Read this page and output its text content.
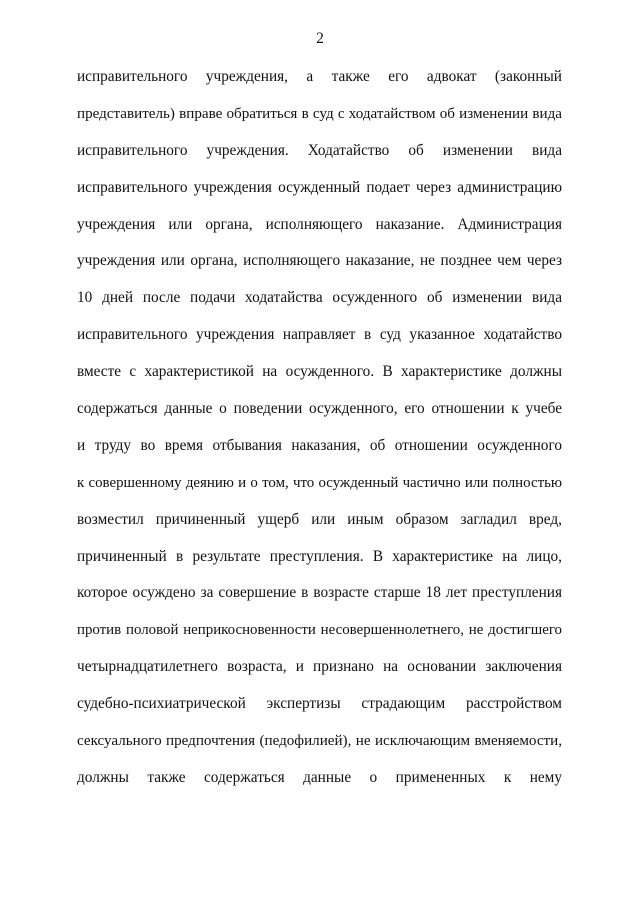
2
исправительного учреждения, а также его адвокат (законный
представитель) вправе обратиться в суд с ходатайством об изменении вида
исправительного учреждения. Ходатайство об изменении вида
исправительного учреждения осужденный подает через администрацию
учреждения или органа, исполняющего наказание. Администрация
учреждения или органа, исполняющего наказание, не позднее чем через
10 дней после подачи ходатайства осужденного об изменении вида
исправительного учреждения направляет в суд указанное ходатайство
вместе с характеристикой на осужденного. В характеристике должны
содержаться данные о поведении осужденного, его отношении к учебе
и труду во время отбывания наказания, об отношении осужденного
к совершенному деянию и о том, что осужденный частично или полностью
возместил причиненный ущерб или иным образом загладил вред,
причиненный в результате преступления. В характеристике на лицо,
которое осуждено за совершение в возрасте старше 18 лет преступления
против половой неприкосновенности несовершеннолетнего, не достигшего
четырнадцатилетнего возраста, и признано на основании заключения
судебно-психиатрической экспертизы страдающим расстройством
сексуального предпочтения (педофилией), не исключающим вменяемости,
должны также содержаться данные о примененных к нему
